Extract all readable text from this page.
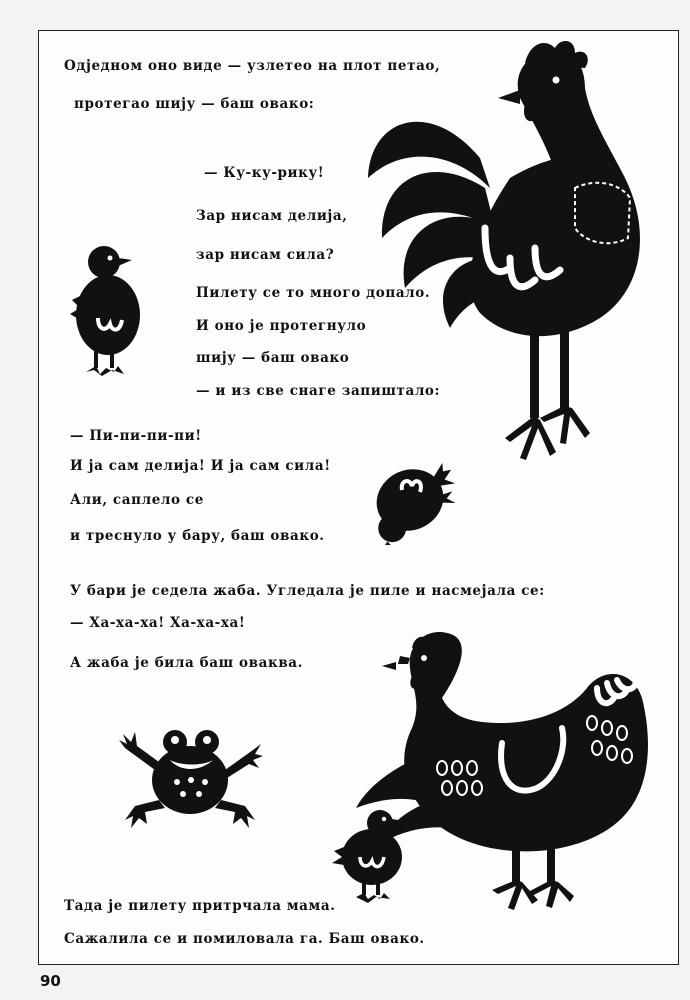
Одједном оно виде — узлетео на плот петао,
протегао шију — баш овако:
— Ку-ку-рику!
Зар нисам делија,
зар нисам сила?
Пилету се то много допало.
И оно је протегнуло
шију — баш овако
— и из све снаге запиштало:
— Пи-пи-пи-пи!
И ја сам делија! И ја сам сила!
Али, саплело се
и треснуло у бару, баш овако.
У бари је седела жаба. Угледала је пиле и насмејала се:
— Ха-ха-ха! Ха-ха-ха!
А жаба је била баш оваква.
Тада је пилету притрчала мама.
Сажалила се и помиловала га. Баш овако.
90
